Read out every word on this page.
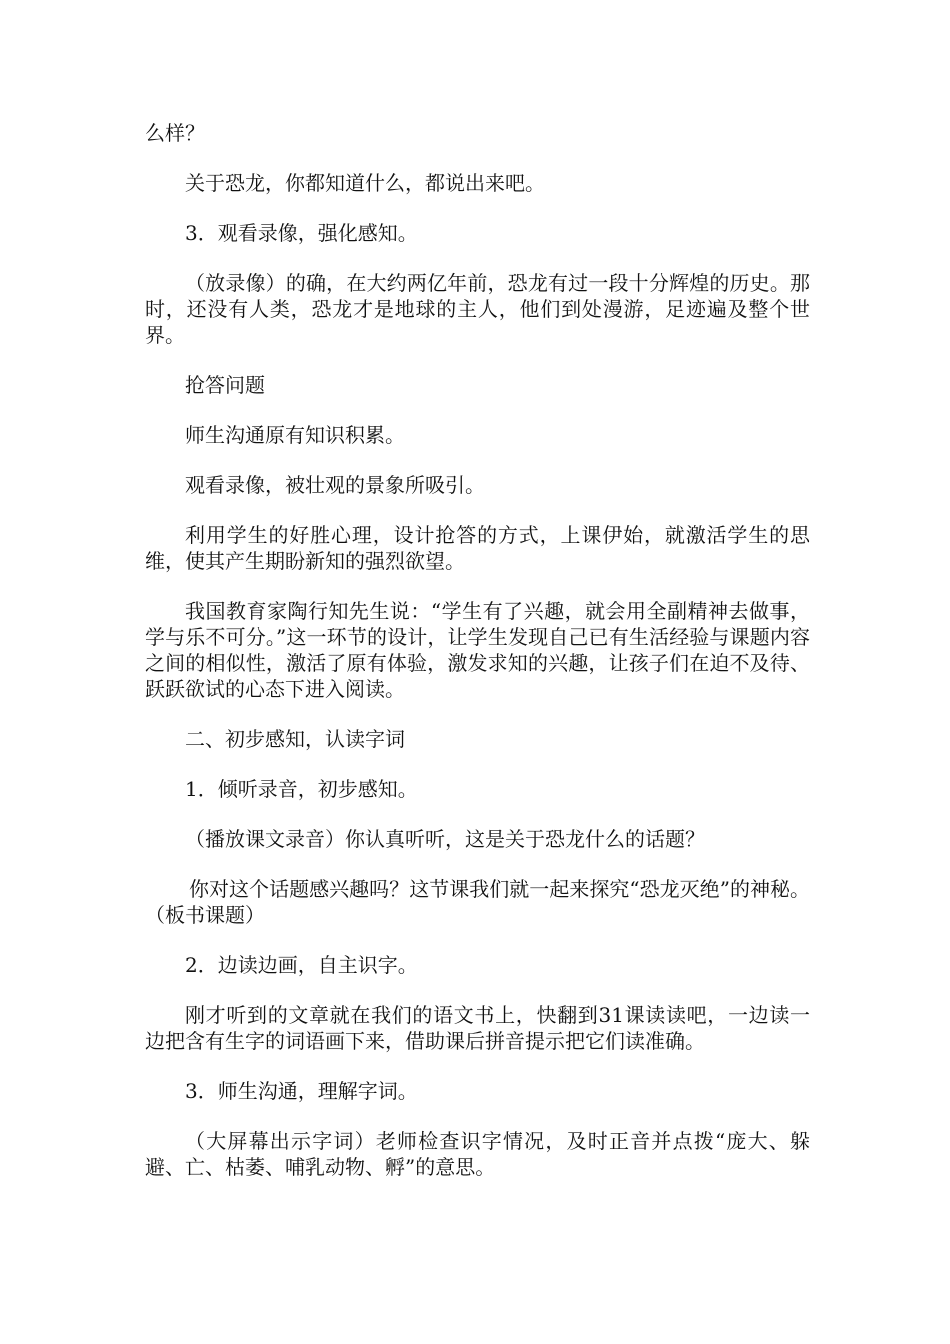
么样？

关于恐龙，你都知道什么，都说出来吧。

3．观看录像，强化感知。

（放录像）的确，在大约两亿年前，恐龙有过一段十分辉煌的历史。那时，还没有人类，恐龙才是地球的主人，他们到处漫游，足迹遍及整个世界。

抢答问题

师生沟通原有知识积累。

观看录像，被壮观的景象所吸引。

利用学生的好胜心理，设计抢答的方式，上课伊始，就激活学生的思维，使其产生期盼新知的强烈欲望。

我国教育家陶行知先生说：“学生有了兴趣，就会用全副精神去做事，学与乐不可分。”这一环节的设计，让学生发现自己已有生活经验与课题内容之间的相似性，激活了原有体验，激发求知的兴趣，让孩子们在迫不及待、跃跃欲试的心态下进入阅读。

二、初步感知，认读字词

1．倾听录音，初步感知。

（播放课文录音）你认真听听，这是关于恐龙什么的话题？

你对这个话题感兴趣吗？这节课我们就一起来探究“恐龙灭绝”的神秘。（板书课题）

2．边读边画，自主识字。

刚才听到的文章就在我们的语文书上，快翻到31课读读吧，一边读一边把含有生字的词语画下来，借助课后拼音提示把它们读准确。

3．师生沟通，理解字词。

（大屏幕出示字词）老师检查识字情况，及时正音并点拨“庞大、躲避、亡、枯萎、哺乳动物、孵”的意思。
